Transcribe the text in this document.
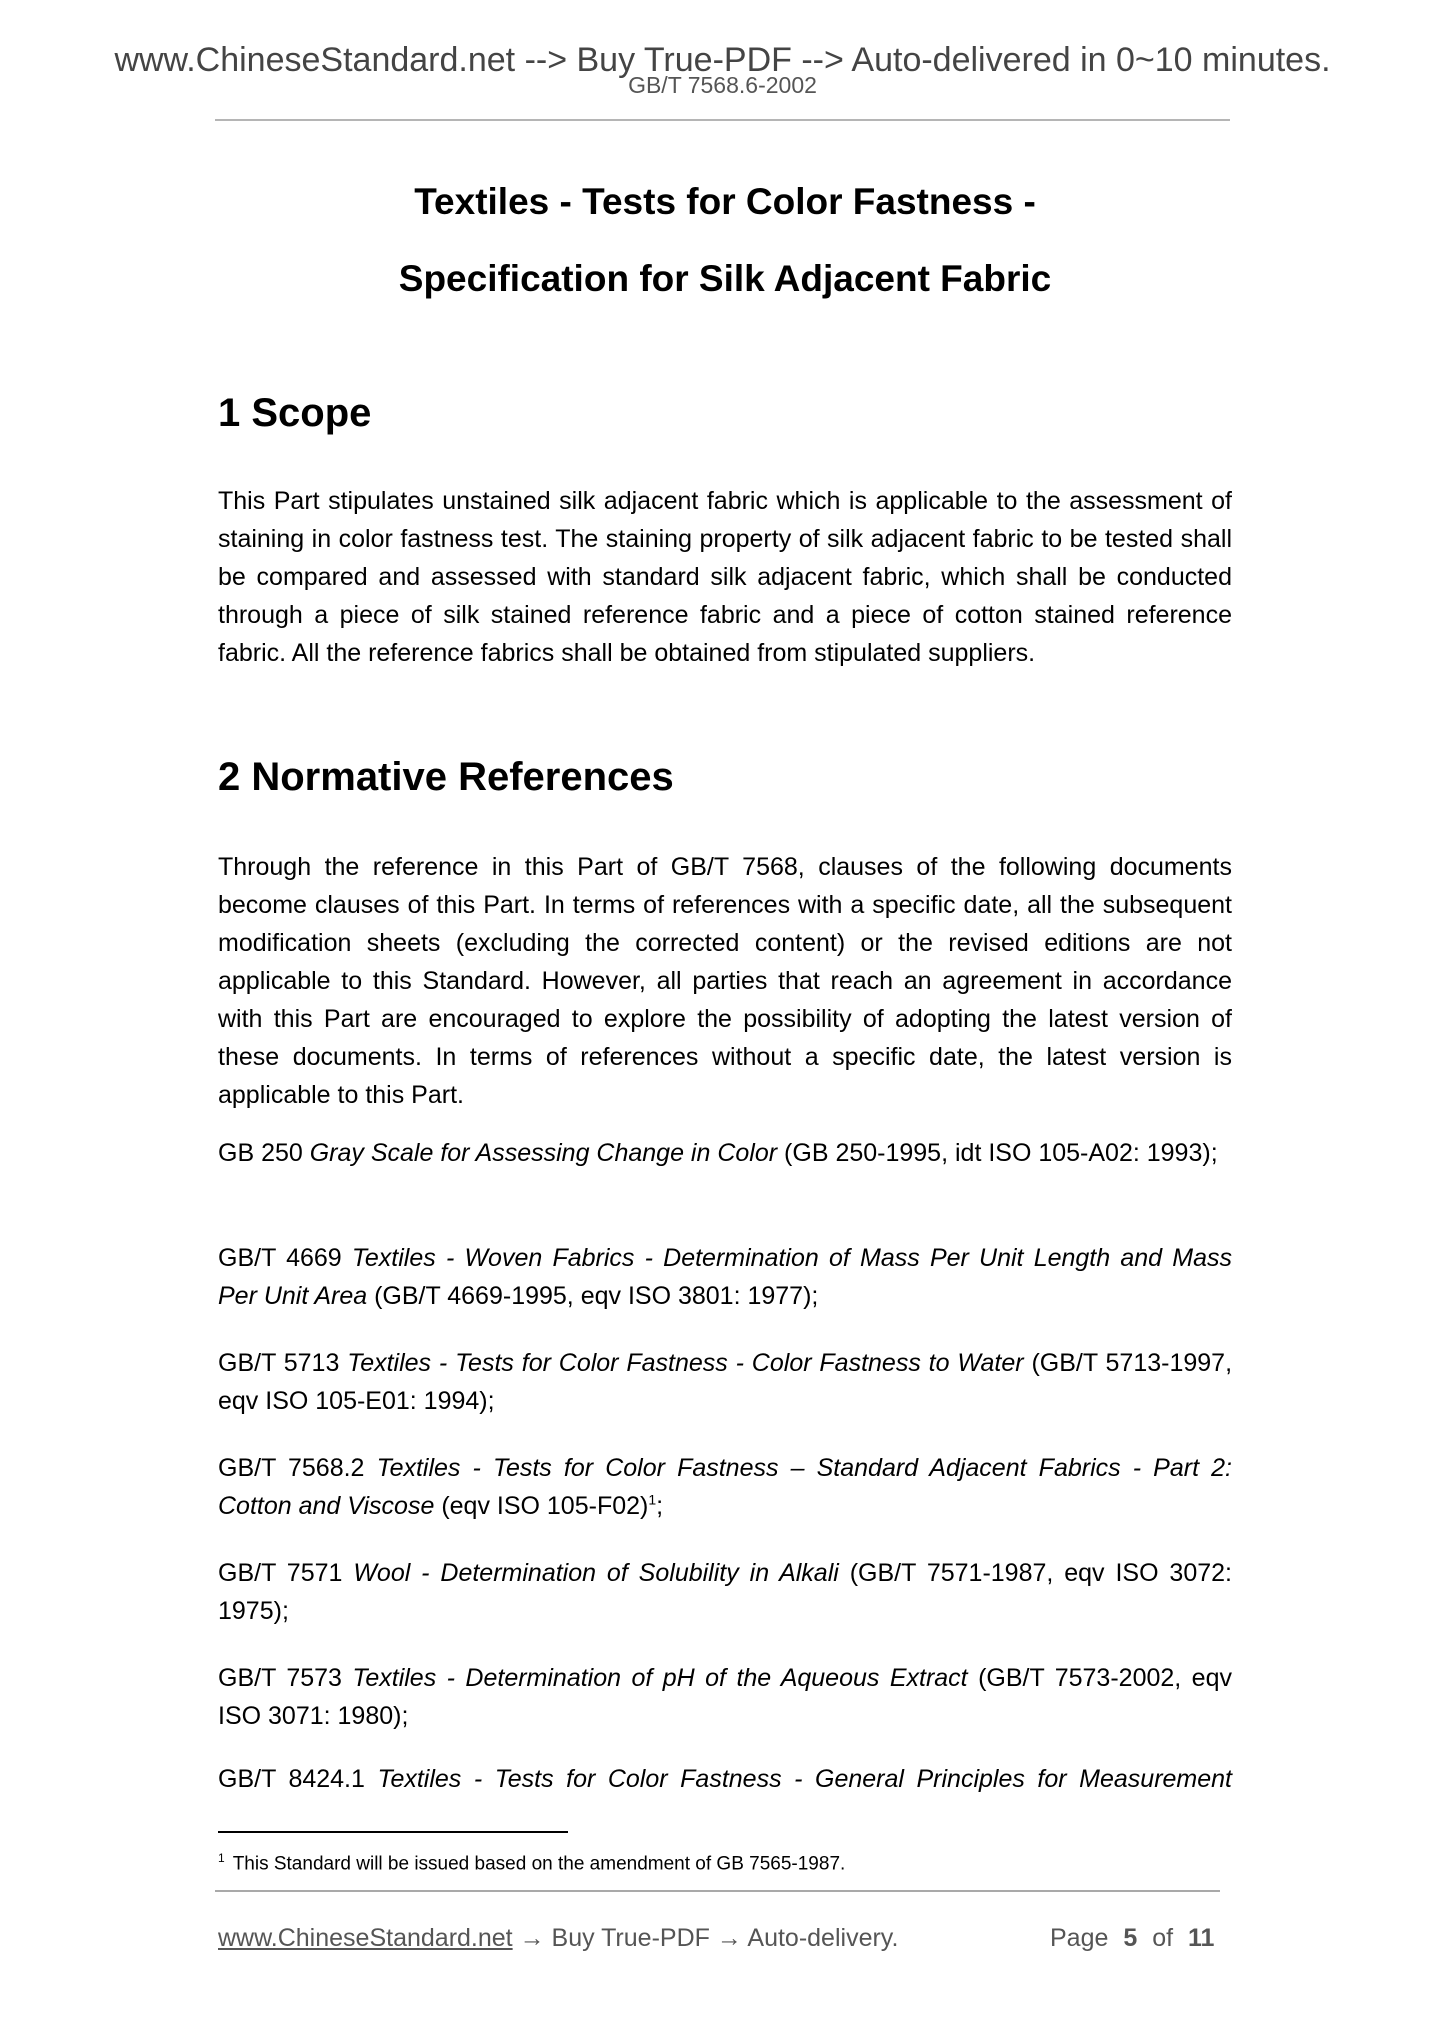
www.ChineseStandard.net --> Buy True-PDF --> Auto-delivered in 0~10 minutes.
GB/T 7568.6-2002
Textiles - Tests for Color Fastness -
Specification for Silk Adjacent Fabric
1 Scope
This Part stipulates unstained silk adjacent fabric which is applicable to the assessment of staining in color fastness test. The staining property of silk adjacent fabric to be tested shall be compared and assessed with standard silk adjacent fabric, which shall be conducted through a piece of silk stained reference fabric and a piece of cotton stained reference fabric. All the reference fabrics shall be obtained from stipulated suppliers.
2 Normative References
Through the reference in this Part of GB/T 7568, clauses of the following documents become clauses of this Part. In terms of references with a specific date, all the subsequent modification sheets (excluding the corrected content) or the revised editions are not applicable to this Standard. However, all parties that reach an agreement in accordance with this Part are encouraged to explore the possibility of adopting the latest version of these documents. In terms of references without a specific date, the latest version is applicable to this Part.
GB 250 Gray Scale for Assessing Change in Color (GB 250-1995, idt ISO 105-A02: 1993);
GB/T 4669 Textiles - Woven Fabrics - Determination of Mass Per Unit Length and Mass Per Unit Area (GB/T 4669-1995, eqv ISO 3801: 1977);
GB/T 5713 Textiles - Tests for Color Fastness - Color Fastness to Water (GB/T 5713-1997, eqv ISO 105-E01: 1994);
GB/T 7568.2 Textiles - Tests for Color Fastness – Standard Adjacent Fabrics - Part 2: Cotton and Viscose (eqv ISO 105-F02)$^1$;
GB/T 7571 Wool - Determination of Solubility in Alkali (GB/T 7571-1987, eqv ISO 3072: 1975);
GB/T 7573 Textiles - Determination of pH of the Aqueous Extract (GB/T 7573-2002, eqv ISO 3071: 1980);
GB/T 8424.1 Textiles - Tests for Color Fastness - General Principles for Measurement
$^1$ This Standard will be issued based on the amendment of GB 7565-1987.
www.ChineseStandard.net → Buy True-PDF → Auto-delivery.	Page 5 of 11
